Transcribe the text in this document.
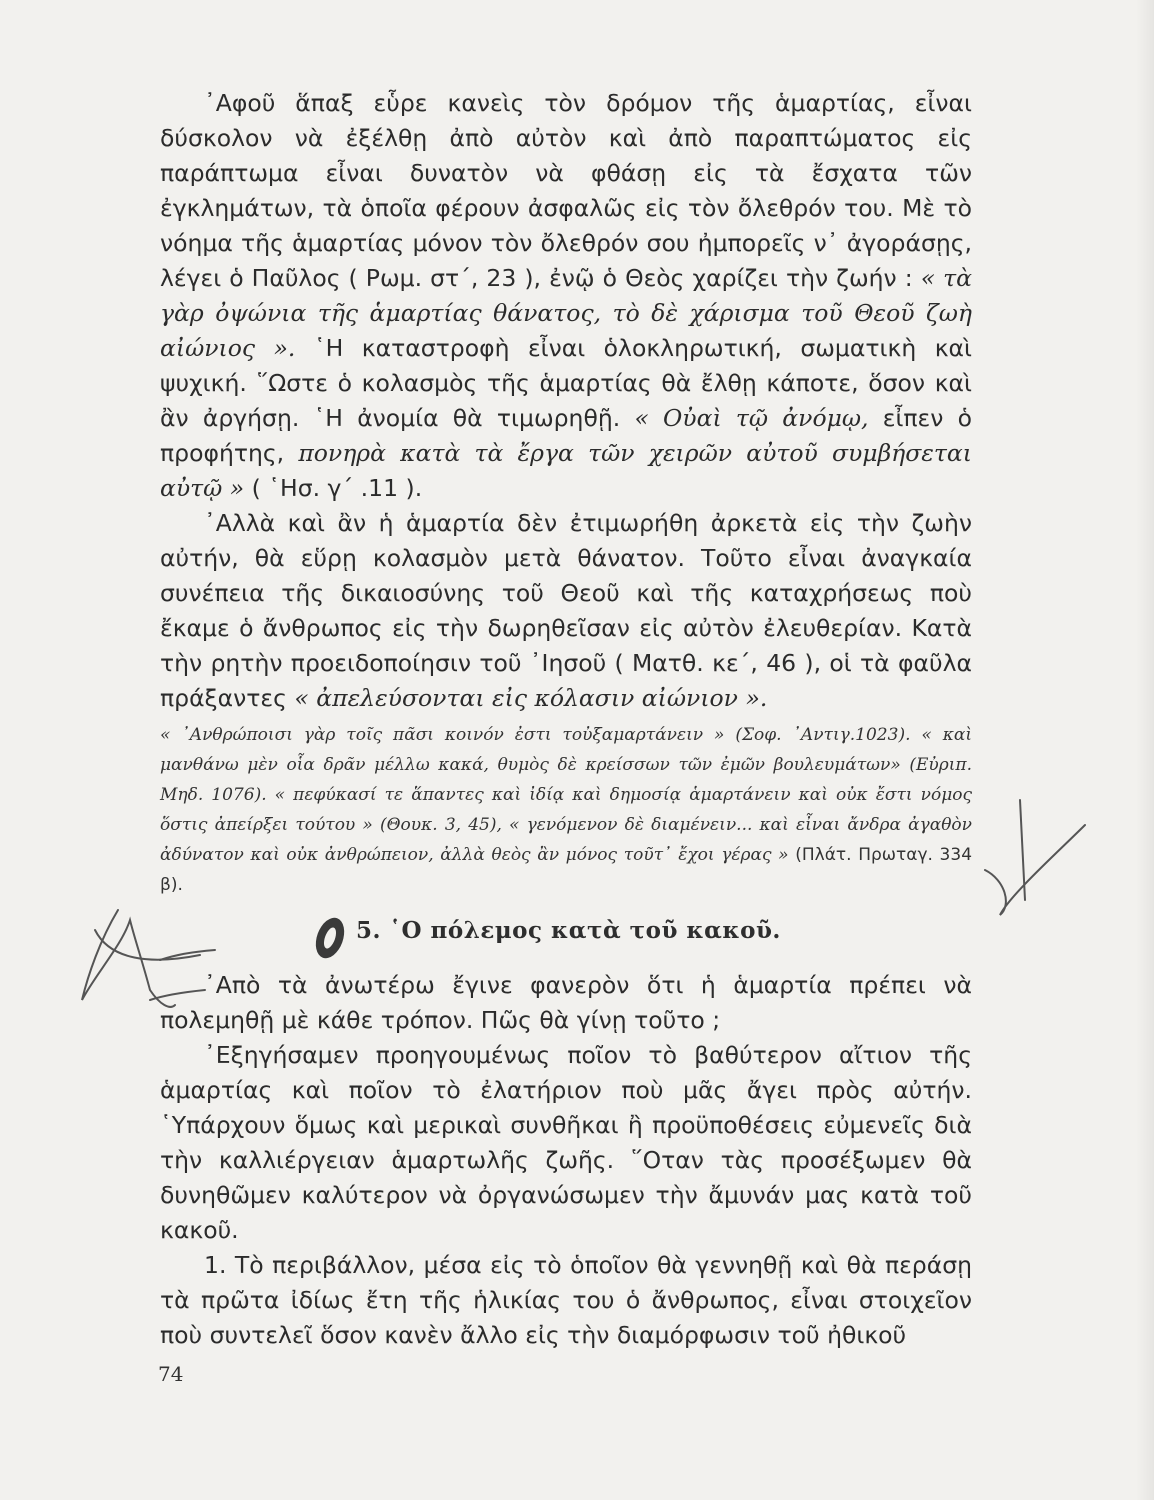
᾿Αφοῦ ἅπαξ εὗρε κανεὶς τὸν δρόμον τῆς ἁμαρτίας, εἶναι δύσκολον νὰ ἐξέλθῃ ἀπὸ αὐτὸν καὶ ἀπὸ παραπτώματος εἰς παράπτωμα εἶναι δυνατὸν νὰ φθάσῃ εἰς τὰ ἔσχατα τῶν ἐγκλημάτων, τὰ ὁποῖα φέρουν ἀσφαλῶς εἰς τὸν ὄλεθρόν του. Μὲ τὸ νόημα τῆς ἁμαρτίας μόνον τὸν ὄλεθρόν σου ἠμπορεῖς ν᾿ ἀγοράσῃς, λέγει ὁ Παῦλος ( Ρωμ. στ΄, 23 ), ἐνῷ ὁ Θεὸς χαρίζει τὴν ζωήν : « τὰ γὰρ ὀψώνια τῆς ἁμαρτίας θάνατος, τὸ δὲ χάρισμα τοῦ Θεοῦ ζωὴ αἰώνιος ». ῾Η καταστροφὴ εἶναι ὁλοκληρωτική, σωματικὴ καὶ ψυχική. ῞Ωστε ὁ κολασμὸς τῆς ἁμαρτίας θὰ ἔλθῃ κάποτε, ὅσον καὶ ἂν ἀργήσῃ. ῾Η ἀνομία θὰ τιμωρηθῇ. « Οὐαὶ τῷ ἀνόμῳ, εἶπεν ὁ προφήτης, πονηρὰ κατὰ τὰ ἔργα τῶν χειρῶν αὐτοῦ συμβήσεται αὐτῷ » ( ῾Ησ. γ΄ .11 ).

᾿Αλλὰ καὶ ἂν ἡ ἁμαρτία δὲν ἐτιμωρήθη ἀρκετὰ εἰς τὴν ζωὴν αὐτήν, θὰ εὕρῃ κολασμὸν μετὰ θάνατον. Τοῦτο εἶναι ἀναγκαία συνέπεια τῆς δικαιοσύνης τοῦ Θεοῦ καὶ τῆς καταχρήσεως ποὺ ἔκαμε ὁ ἄνθρωπος εἰς τὴν δωρηθεῖσαν εἰς αὐτὸν ἐλευθερίαν. Κατὰ τὴν ρητὴν προειδοποίησιν τοῦ ᾿Ιησοῦ ( Ματθ. κε΄, 46 ), οἱ τὰ φαῦλα πράξαντες « ἀπελεύσονται εἰς κόλασιν αἰώνιον ».

« ᾿Ανθρώποισι γὰρ τοῖς πᾶσι κοινόν ἐστι τοὐξαμαρτάνειν » (Σοφ. ᾿Αντιγ.1023). « καὶ μανθάνω μὲν οἷα δρᾶν μέλλω κακά, θυμὸς δὲ κρείσσων τῶν ἐμῶν βουλευμάτων» (Εὐριπ. Μηδ. 1076). « πεφύκασί τε ἅπαντες καὶ ἰδίᾳ καὶ δημοσίᾳ ἁμαρτάνειν καὶ οὐκ ἔστι νόμος ὅστις ἀπείρξει τούτου » (Θουκ. 3, 45), « γενόμενον δὲ διαμένειν... καὶ εἶναι ἄνδρα ἀγαθὸν ἀδύνατον καὶ οὐκ ἀνθρώπειον, ἀλλὰ θεὸς ἂν μόνος τοῦτ᾿ ἔχοι γέρας » (Πλάτ. Πρωταγ. 334 β).
5. ῾Ο πόλεμος κατὰ τοῦ κακοῦ.

᾿Απὸ τὰ ἀνωτέρω ἔγινε φανερὸν ὅτι ἡ ἁμαρτία πρέπει νὰ πολεμηθῇ μὲ κάθε τρόπον. Πῶς θὰ γίνῃ τοῦτο ;

᾿Εξηγήσαμεν προηγουμένως ποῖον τὸ βαθύτερον αἴτιον τῆς ἁμαρτίας καὶ ποῖον τὸ ἐλατήριον ποὺ μᾶς ἄγει πρὸς αὐτήν. ῾Υπάρχουν ὅμως καὶ μερικαὶ συνθῆκαι ἢ προϋποθέσεις εὐμενεῖς διὰ τὴν καλλιέργειαν ἁμαρτωλῆς ζωῆς. ῞Οταν τὰς προσέξωμεν θὰ δυνηθῶμεν καλύτερον νὰ ὀργανώσωμεν τὴν ἄμυνάν μας κατὰ τοῦ κακοῦ.

1. Τὸ περιβάλλον, μέσα εἰς τὸ ὁποῖον θὰ γεννηθῇ καὶ θὰ περάσῃ τὰ πρῶτα ἰδίως ἔτη τῆς ἡλικίας του ὁ ἄνθρωπος, εἶναι στοιχεῖον ποὺ συντελεῖ ὅσον κανὲν ἄλλο εἰς τὴν διαμόρφωσιν τοῦ ἠθικοῦ

74
